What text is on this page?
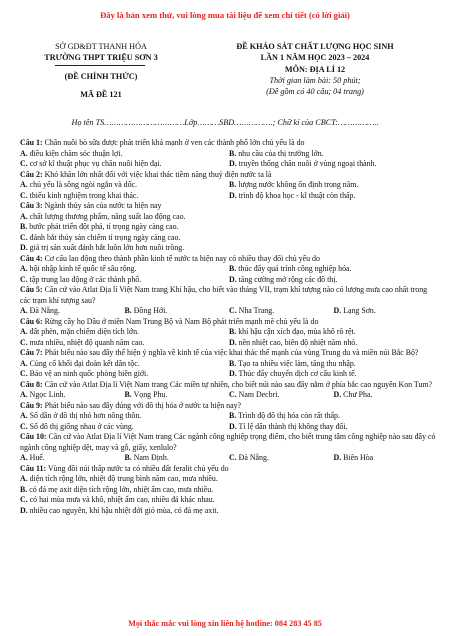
Đây là bản xem thử, vui lòng mua tài liệu để xem chi tiết (có lời giải)
SỞ GD&ĐT THANH HÓA
TRƯỜNG THPT TRIỆU SƠN 3
(ĐỀ CHÍNH THỨC)
MÃ ĐỀ 121
ĐỀ KHẢO SÁT CHẤT LƯỢNG HỌC SINH
LẦN 1 NĂM HỌC 2023 – 2024
MÔN: ĐỊA LÍ 12
Thời gian làm bài: 50 phút;
(Đề gồm có 40 câu; 04 trang)
Họ tên TS……………………………Lớp………SBD…………….; Chữ kí của CBCT:……………..
Câu 1: Chăn nuôi bò sữa được phát triển khá mạnh ở ven các thành phố lớn chủ yếu là do
A. điều kiện chăm sóc thuận lợi.	B. nhu cầu của thị trường lớn.
C. cơ sở kĩ thuật phục vụ chăn nuôi hiện đại.	D. truyền thống chăn nuôi ở vùng ngoại thành.
Câu 2: Khó khăn lớn nhất đối với việc khai thác tiềm năng thuỷ điện nước ta là
A. chủ yếu là sông ngòi ngắn và dốc.	B. lượng nước không ổn định trong năm.
C. thiếu kinh nghiệm trong khai thác.	D. trình độ khoa học - kĩ thuật còn thấp.
Câu 3: Ngành thủy sản của nước ta hiện nay
A. chất lượng thương phẩm, năng suất lao động cao.
B. bước phát triển đột phá, tỉ trọng ngày càng cao.
C. đánh bắt thủy sản chiếm tỉ trọng ngày càng cao.
D. giá trị sản xuất đánh bắt luôn lớn hơn nuôi trồng.
Câu 4: Cơ cấu lao động theo thành phần kinh tế nước ta hiện nay có nhiều thay đổi chủ yếu do
A. hội nhập kinh tế quốc tế sâu rộng.	B. thúc đẩy quá trình công nghiệp hóa.
C. tập trung lao động ở các thành phố.	D. tăng cường mở rộng các đô thị.
Câu 5: Căn cứ vào Atlat Địa lí Việt Nam trang Khí hậu, cho biết vào tháng VII, trạm khí tượng nào có lượng mưa cao nhất trong các trạm khí tượng sau?
A. Đà Nẵng.	B. Đồng Hới.	C. Nha Trang.	D. Lạng Sơn.
Câu 6: Rừng cây họ Dầu ở miền Nam Trung Bộ và Nam Bộ phát triển mạnh mẽ chủ yếu là do
A. đất phèn, mặn chiếm diện tích lớn.	B. khí hậu cận xích đạo, mùa khô rõ rệt.
C. mưa nhiều, nhiệt độ quanh năm cao.	D. nền nhiệt cao, biên độ nhiệt năm nhỏ.
Câu 7: Phát biểu nào sau đây thể hiện ý nghĩa về kinh tế của việc khai thác thế mạnh của vùng Trung du và miền núi Bắc Bộ?
A. Củng cố khối đại đoàn kết dân tộc.	B. Tạo ra nhiều việc làm, tăng thu nhập.
C. Bảo vệ an ninh quốc phòng biên giới.	D. Thúc đẩy chuyển dịch cơ cấu kinh tế.
Câu 8: Căn cứ vào Atlat Địa lí Việt Nam trang Các miền tự nhiên, cho biết núi nào sau đây nằm ở phía bắc cao nguyên Kon Tum?
A. Ngọc Linh.	B. Vọng Phu.	C. Nam Decbri.	D. Chư Pha.
Câu 9: Phát biểu nào sau đây đúng với đô thị hóa ở nước ta hiện nay?
A. Số dân ở đô thị nhỏ hơn nông thôn.	B. Trình độ đô thị hóa còn rất thấp.
C. Số đô thị giống nhau ở các vùng.	D. Tỉ lệ dân thành thị không thay đổi.
Câu 10: Căn cứ vào Atlat Địa lí Việt Nam trang Các ngành công nghiệp trọng điểm, cho biết trung tâm công nghiệp nào sau đây có ngành công nghiệp dệt, may và gỗ, giấy, xenlulo?
A. Huế.	B. Nam Định.	C. Đà Nẵng.	D. Biên Hòa
Câu 11: Vùng đồi núi thấp nước ta có nhiều đất feralit chủ yếu do
A. diện tích rộng lớn, nhiệt độ trung bình năm cao, mưa nhiều.
B. có đá mẹ axit diện tích rộng lớn, nhiệt ẩm cao, mưa nhiều.
C. có hai mùa mưa và khô, nhiệt ẩm cao, nhiều đá khác nhau.
D. nhiều cao nguyên, khí hậu nhiệt đới gió mùa, có đá mẹ axit.
Mọi thắc mắc vui lòng xin liên hệ hotline: 084 283 45 85
